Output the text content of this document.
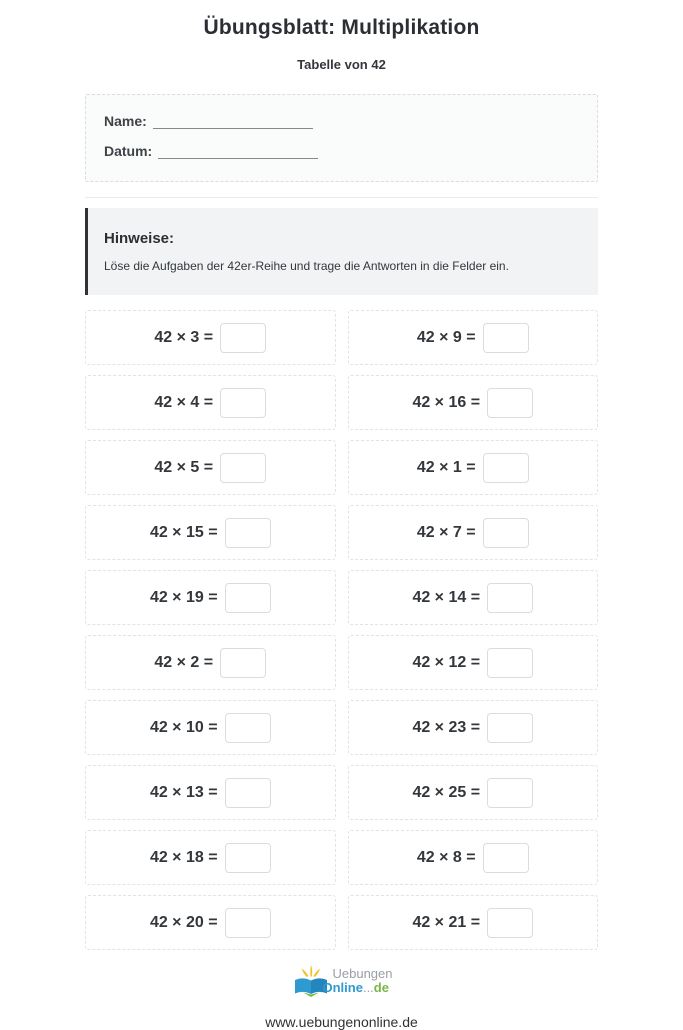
Übungsblatt: Multiplikation
Tabelle von 42
Name:
Datum:
Hinweise:
Löse die Aufgaben der 42er-Reihe und trage die Antworten in die Felder ein.
42 × 3 =	42 × 9 =
42 × 4 =	42 × 16 =
42 × 5 =	42 × 1 =
42 × 15 =	42 × 7 =
42 × 19 =	42 × 14 =
42 × 2 =	42 × 12 =
42 × 10 =	42 × 23 =
42 × 13 =	42 × 25 =
42 × 18 =	42 × 8 =
42 × 20 =	42 × 21 =
Uebungen
Online...de
www.uebungenonline.de
